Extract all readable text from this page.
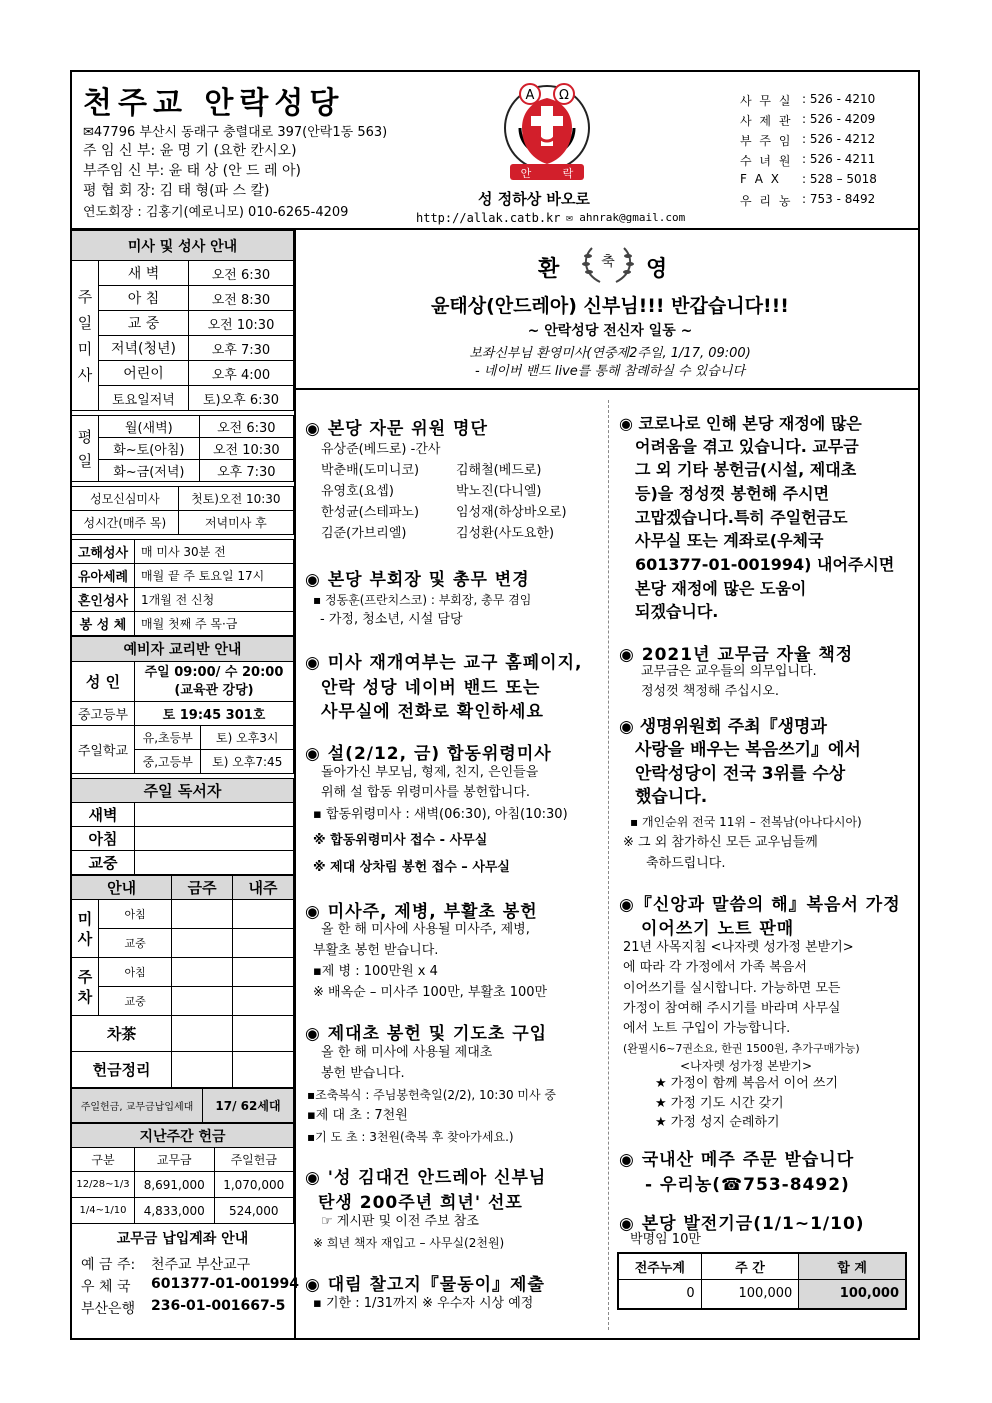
천주교 안락성당
✉47796 부산시 동래구 충렬대로 397(안락1동 563)
주 임 신 부: 윤 명 기 (요한 칸시오)
부주임 신 부: 윤 태 상 (안 드 레 아)
평 협 회 장: 김 태 형(파 스 칼)
연도회장 : 김홍기(예로니모) 010-6265-4209
A Ω
안	락
성 정하상 바오로
http://allak.catb.kr ✉ ahnrak@gmail.com
사 무 실 : 526 - 4210
사 제 관 : 526 - 4209
부 주 임 : 526 - 4212
수 녀 원 : 526 - 4211
F A X : 528 – 5018
우 리 농 : 753 - 8492
미사 및 성사 안내		
주일미사	새 벽	오전 6:30
	아 침	오전 8:30
	교 중	오전 10:30
	저녁(청년)	오후 7:30
	어린이	오후 4:00
	토요일저녁	토)오후 6:30
평일	월(새벽)	오전 6:30
	화~토(아침)	오전 10:30
	화~금(저녁)	오후 7:30
성모신심미사	첫토)오전 10:30
성시간(매주 목)	저녁미사 후
고해성사	매 미사 30분 전
유아세례	매월 끝 주 토요일 17시
혼인성사	1개월 전 신청
봉 성 체	매월 첫째 주 목·금
예비자 교리반 안내		
성 인	주일 09:00/ 수 20:00
(교육관 강당)	

중고등부	토 19:45 301호	
주일학교	유,초등부	토) 오후3시
	중,고등부	토) 오후7:45
주일 독서자	
새벽	
아침	
교중	
안내		금주	내주
미사	아침		
	교중		
주차	아침		
	교중		
차茶			
헌금정리			
주일헌금, 교무금납입세대	17/ 62세대
지난주간 헌금		
구분	교무금	주일헌금
12/28~1/3	8,691,000	1,070,000
1/4~1/10	4,833,000	524,000
교무금 납입계좌 안내
예 금 주: 천주교 부산교구
우 체 국 601377-01-001994
부산은행 236-01-001667-5
환	축 영
윤태상(안드레아) 신부님!!! 반갑습니다!!!
~ 안락성당 전신자 일동 ~
보좌신부님 환영미사(연중제2주일, 1/17, 09:00)
- 네이버 밴드 live를 통해 참례하실 수 있습니다
◉ 본당 자문 위원 명단
유상준(베드로) -간사
박춘배(도미니코)	김해철(베드로)
유영호(요셉)	박노진(다니엘)
한성균(스테파노)	임성재(하상바오로)
김준(가브리엘)	김성환(사도요한)
◉ 본당 부회장 및 총무 변경
▪ 정동훈(프란치스코) : 부회장, 총무 겸임
- 가정, 청소년, 시설 담당
◉ 미사 재개여부는 교구 홈페이지,
안락 성당 네이버 밴드 또는
사무실에 전화로 확인하세요
◉ 설(2/12, 금) 합동위령미사
돌아가신 부모님, 형제, 친지, 은인들을
위해 설 합동 위령미사를 봉헌합니다.
▪ 합동위령미사 : 새벽(06:30), 아침(10:30)
※ 합동위령미사 접수 - 사무실
※ 제대 상차림 봉헌 접수 – 사무실
◉ 미사주, 제병, 부활초 봉헌
올 한 해 미사에 사용될 미사주, 제병,
부활초 봉헌 받습니다.
▪제 병 : 100만원 x 4
※ 배옥순 – 미사주 100만, 부활초 100만
◉ 제대초 봉헌 및 기도초 구입
올 한 해 미사에 사용될 제대초
봉헌 받습니다.
▪조축복식 : 주님봉헌축일(2/2), 10:30 미사 중
▪제 대 초 : 7천원
▪기 도 초 : 3천원(축복 후 찾아가세요.)
◉ '성 김대건 안드레아 신부님
탄생 200주년 희년' 선포
☞ 게시판 및 이전 주보 참조
※ 희년 책자 재입고 – 사무실(2천원)
◉ 대림 찰고지『물동이』제출
▪ 기한 : 1/31까지 ※ 우수자 시상 예정
◉ 코로나로 인해 본당 재정에 많은
어려움을 겪고 있습니다. 교무금
그 외 기타 봉헌금(시설, 제대초
등)을 정성껏 봉헌해 주시면
고맙겠습니다.특히 주일헌금도
사무실 또는 계좌로(우체국
601377-01-001994) 내어주시면
본당 재정에 많은 도움이
되겠습니다.
◉ 2021년 교무금 자율 책정
교무금은 교우들의 의무입니다.
정성껏 책정해 주십시오.
◉ 생명위원회 주최『생명과
사랑을 배우는 복음쓰기』에서
안락성당이 전국 3위를 수상
했습니다.
▪ 개인순위 전국 11위 – 전복남(아나다시아)
※ 그 외 참가하신 모든 교우님들께
축하드립니다.
◉『신앙과 말씀의 해』복음서 가정
이어쓰기 노트 판매
21년 사목지침 <나자렛 성가정 본받기>
에 따라 각 가정에서 가족 복음서
이어쓰기를 실시합니다. 가능하면 모든
가정이 참여해 주시기를 바라며 사무실
에서 노트 구입이 가능합니다.
(완필시6~7권소요, 한권 1500원, 추가구매가능)
<나자렛 성가정 본받기>
★ 가정이 함께 복음서 이어 쓰기
★ 가정 기도 시간 갖기
★ 가정 성지 순례하기
◉ 국내산 메주 주문 받습니다
- 우리농(☎753-8492)
◉ 본당 발전기금(1/1~1/10)
박명임 10만
전주누계	주 간	합 계
0	100,000	100,000
